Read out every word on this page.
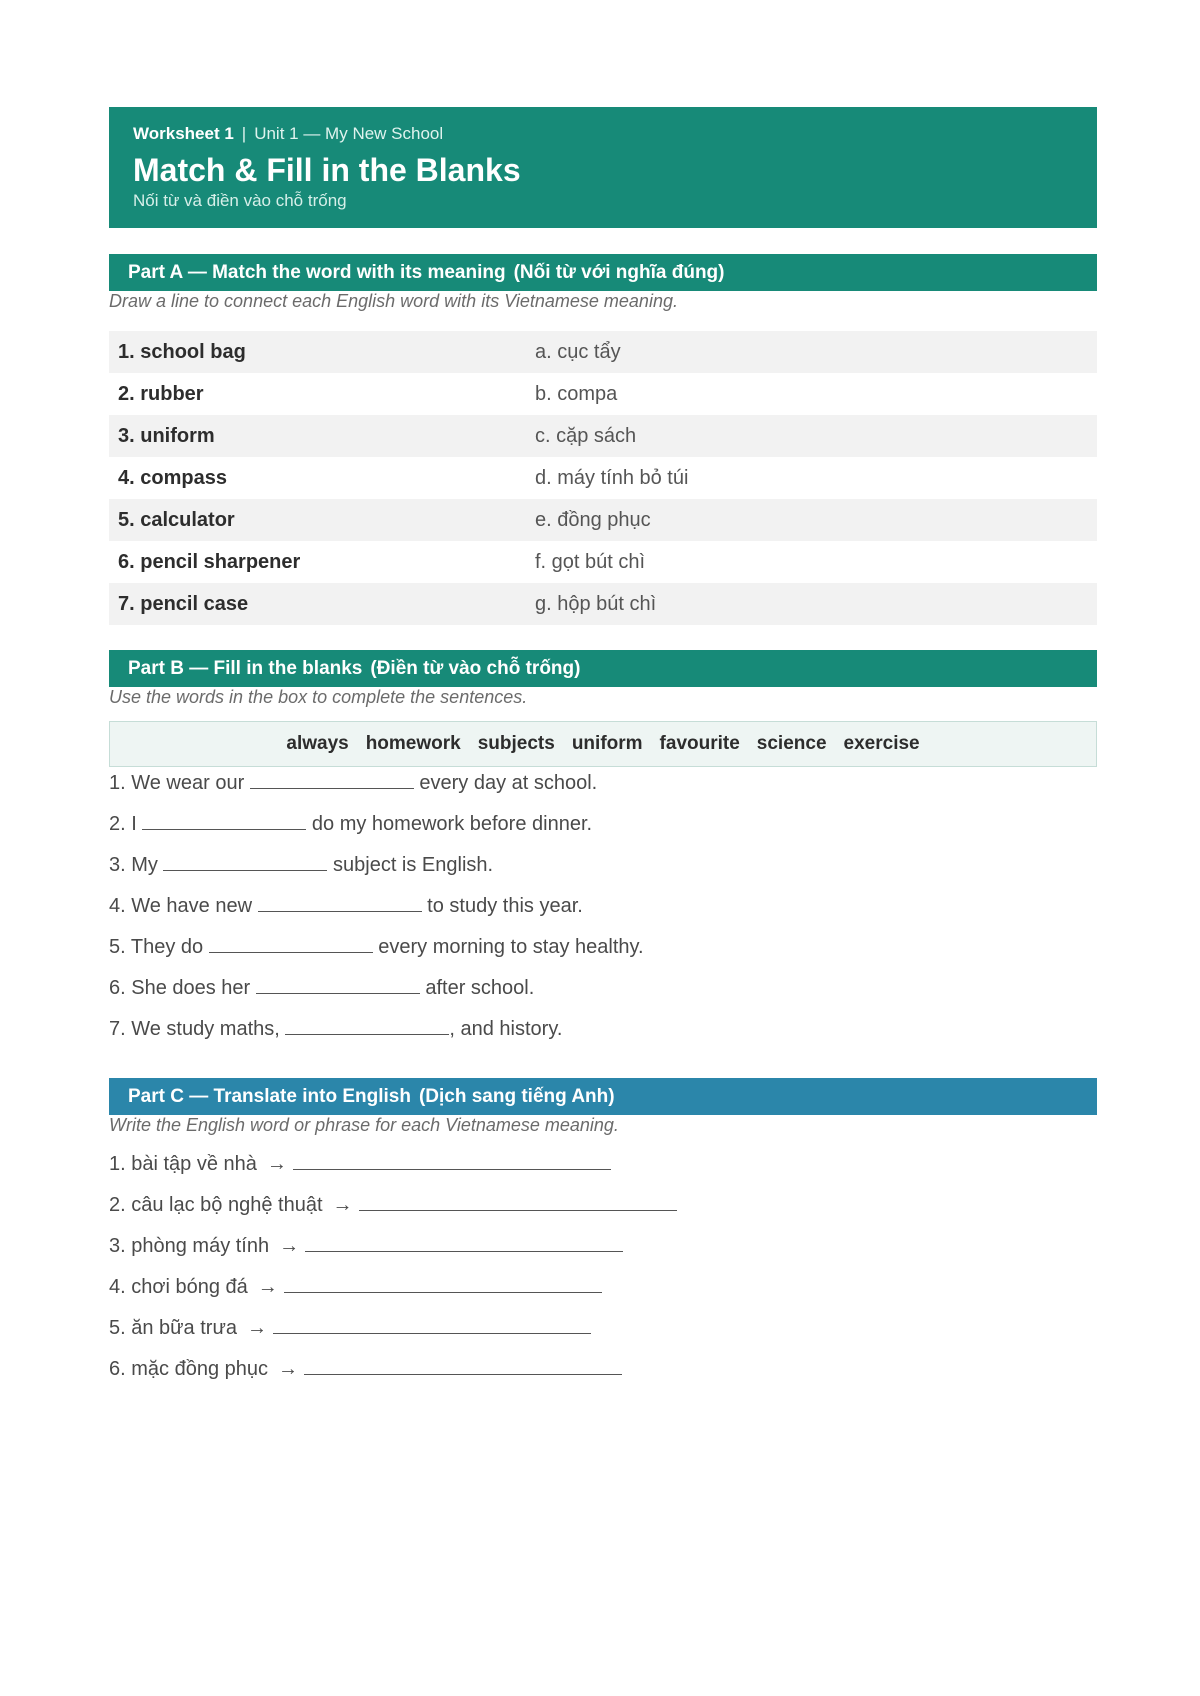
Worksheet 1 | Unit 1 — My New School
Match & Fill in the Blanks
Nối từ và điền vào chỗ trống
Part A — Match the word with its meaning (Nối từ với nghĩa đúng)
Draw a line to connect each English word with its Vietnamese meaning.
1. school bag	a. cục tẩy
2. rubber	b. compa
3. uniform	c. cặp sách
4. compass	d. máy tính bỏ túi
5. calculator	e. đồng phục
6. pencil sharpener	f. gọt bút chì
7. pencil case	g. hộp bút chì
Part B — Fill in the blanks (Điền từ vào chỗ trống)
Use the words in the box to complete the sentences.
always homework subjects uniform favourite science exercise
1. We wear our	every day at school.
2. I	do my homework before dinner.
3. My	subject is English.
4. We have new	to study this year.
5. They do	every morning to stay healthy.
6. She does her	after school.
7. We study maths,	, and history.
Part C — Translate into English (Dịch sang tiếng Anh)
Write the English word or phrase for each Vietnamese meaning.
1. bài tập về nhà →
2. câu lạc bộ nghệ thuật →
3. phòng máy tính →
4. chơi bóng đá →
5. ăn bữa trưa →
6. mặc đồng phục →
